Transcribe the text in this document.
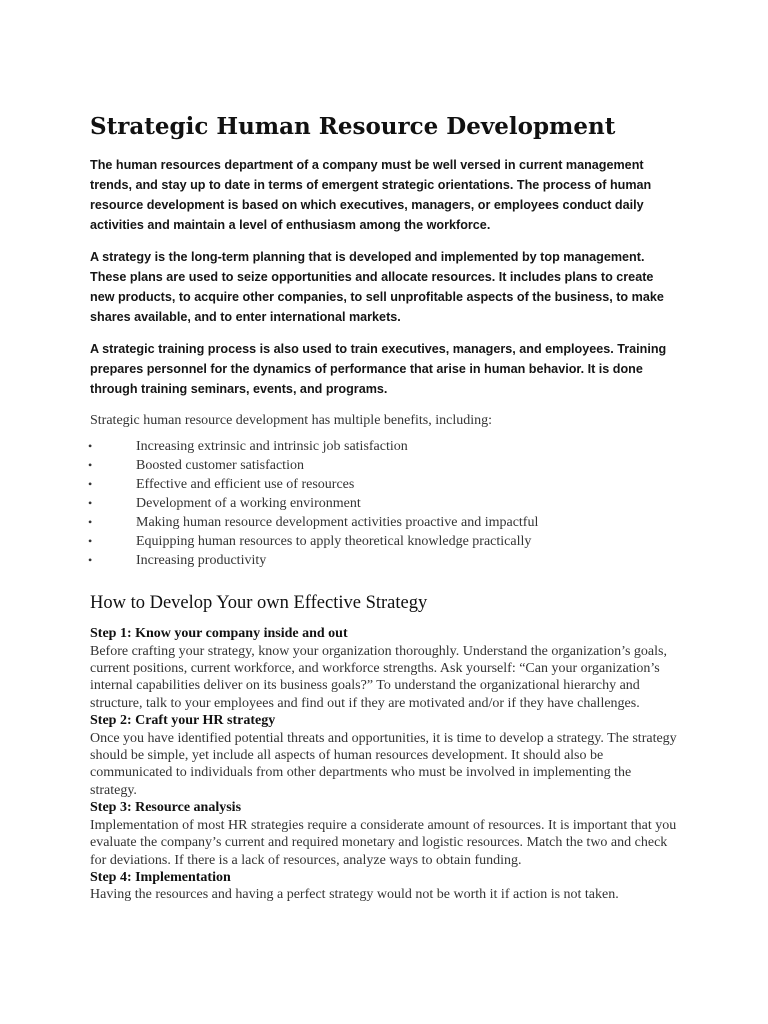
Strategic Human Resource Development

The human resources department of a company must be well versed in current management trends, and stay up to date in terms of emergent strategic orientations. The process of human resource development is based on which executives, managers, or employees conduct daily activities and maintain a level of enthusiasm among the workforce.

A strategy is the long-term planning that is developed and implemented by top management. These plans are used to seize opportunities and allocate resources. It includes plans to create new products, to acquire other companies, to sell unprofitable aspects of the business, to make shares available, and to enter international markets.

A strategic training process is also used to train executives, managers, and employees. Training prepares personnel for the dynamics of performance that arise in human behavior. It is done through training seminars, events, and programs.

Strategic human resource development has multiple benefits, including:

•	Increasing extrinsic and intrinsic job satisfaction
•	Boosted customer satisfaction
•	Effective and efficient use of resources
•	Development of a working environment
•	Making human resource development activities proactive and impactful
•	Equipping human resources to apply theoretical knowledge practically
•	Increasing productivity
How to Develop Your own Effective Strategy

Step 1: Know your company inside and out

Before crafting your strategy, know your organization thoroughly. Understand the organization’s goals, current positions, current workforce, and workforce strengths. Ask yourself: “Can your organization’s internal capabilities deliver on its business goals?” To understand the organizational hierarchy and structure, talk to your employees and find out if they are motivated and/or if they have challenges.

Step 2: Craft your HR strategy

Once you have identified potential threats and opportunities, it is time to develop a strategy. The strategy should be simple, yet include all aspects of human resources development. It should also be communicated to individuals from other departments who must be involved in implementing the strategy.

Step 3: Resource analysis

Implementation of most HR strategies require a considerate amount of resources. It is important that you evaluate the company’s current and required monetary and logistic resources. Match the two and check for deviations. If there is a lack of resources, analyze ways to obtain funding.

Step 4: Implementation

Having the resources and having a perfect strategy would not be worth it if action is not taken.
